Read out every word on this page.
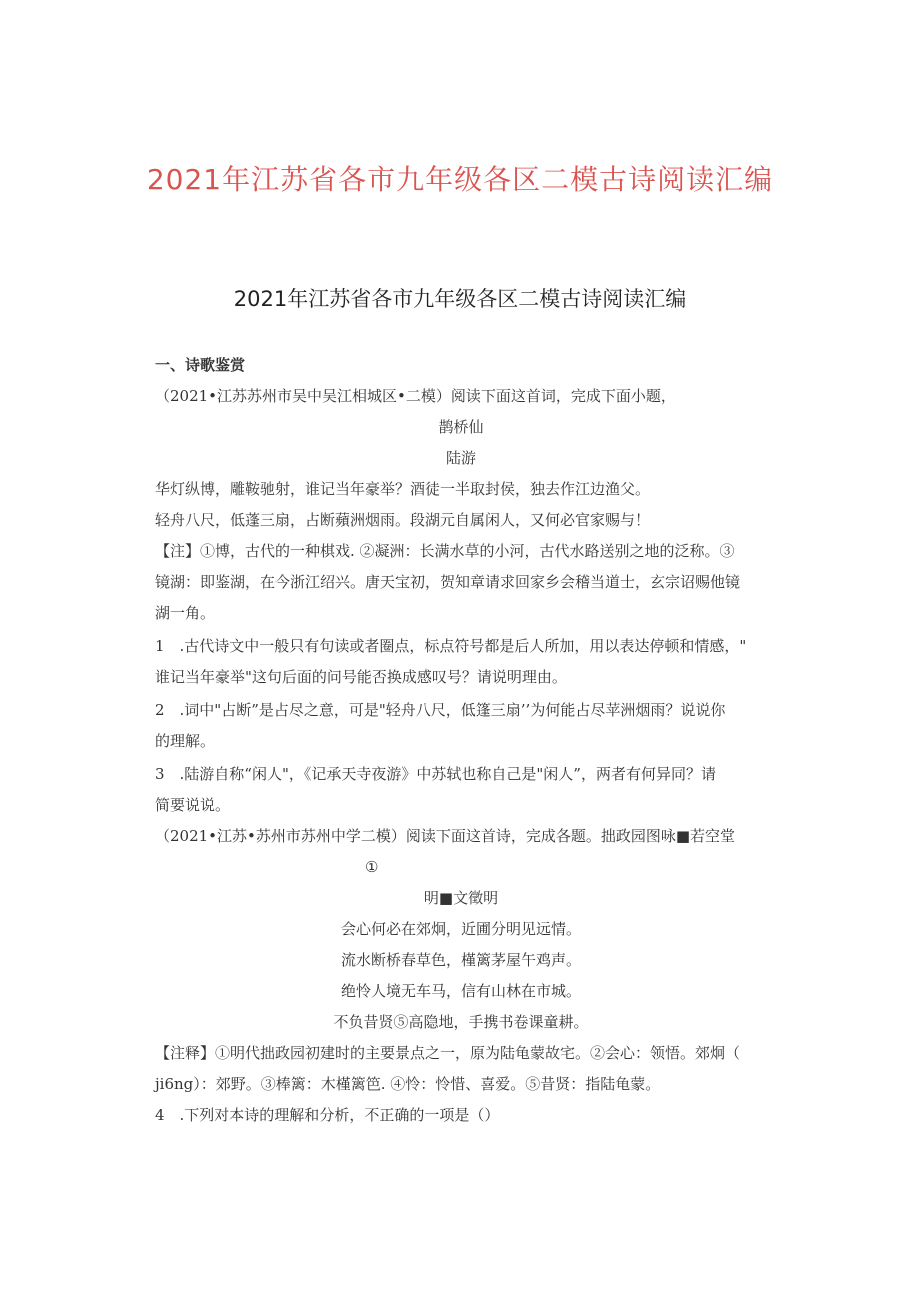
2021年江苏省各市九年级各区二模古诗阅读汇编
2021年江苏省各市九年级各区二模古诗阅读汇编

一、诗歌鉴赏

（2021•江苏苏州市吴中吴江相城区•二模）阅读下面这首词，完成下面小题，

鹊桥仙

陆游

华灯纵博，雕鞍驰射，谁记当年豪举？酒徒一半取封侯，独去作江边渔父。

轻舟八尺，低蓬三扇，占断蘋洲烟雨。段湖元自属闲人，又何必官家赐与！

【注】①博，古代的一种棋戏. ②凝洲：长满水草的小河，古代水路送别之地的泛称。③

镜湖：即鉴湖，在今浙江绍兴。唐天宝初，贺知章请求回家乡会稽当道士，玄宗诏赐他镜

湖一角。

1　.古代诗文中一般只有句读或者圈点，标点符号都是后人所加，用以表达停顿和情感，"

谁记当年豪举"这句后面的问号能否换成感叹号？请说明理由。

2　.词中"占断”是占尽之意，可是"轻舟八尺，低篷三扇’’为何能占尽苹洲烟雨？说说你

的理解。

3　.陆游自称“闲人"，《记承天寺夜游》中苏轼也称自己是"闲人”，两者有何异同？请

简要说说。

（2021•江苏•苏州市苏州中学二模）阅读下面这首诗，完成各题。拙政园图咏■若空堂

①

明■文徵明

会心何必在郊炯，近圃分明见远情。

流水断桥春草色，槿篱茅屋午鸡声。

绝怜人境无车马，信有山林在市城。

不负昔贤⑤高隐地，手携书卷课童耕。

【注释】①明代拙政园初建时的主要景点之一，原为陆龟蒙故宅。②会心：领悟。郊炯（

ji6ng）：郊野。③棒篱：木槿篱笆. ④怜：怜惜、喜爱。⑤昔贤：指陆龟蒙。

4　.下列对本诗的理解和分析，不正确的一项是（）
